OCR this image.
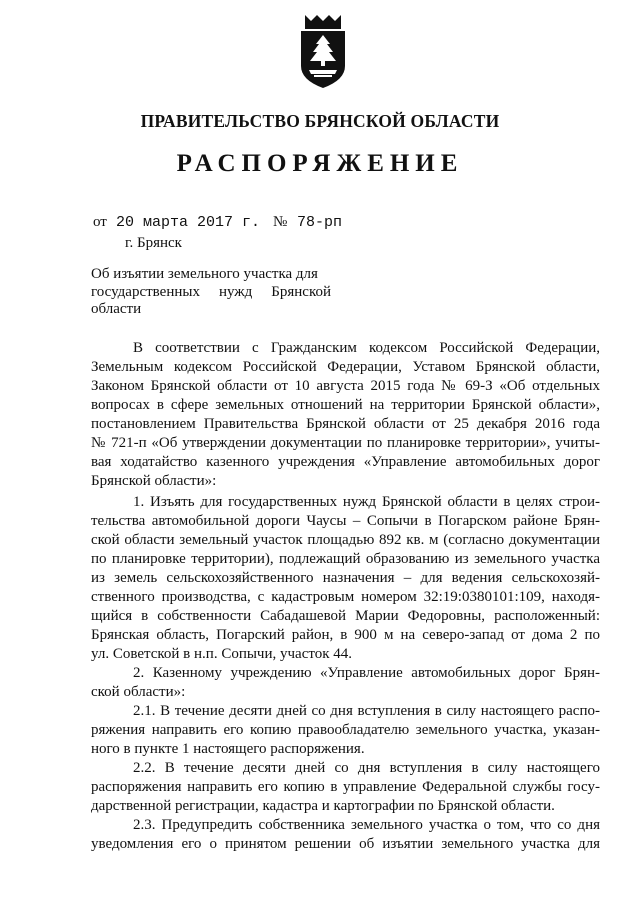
ПРАВИТЕЛЬСТВО БРЯНСКОЙ ОБЛАСТИ
РАСПОРЯЖЕНИЕ
от 20 марта 2017 г. № 78-рп
г. Брянск
Об изъятии земельного участка для
государственных нужд Брянской
области
В соответствии с Гражданским кодексом Российской Федерации,
Земельным кодексом Российской Федерации, Уставом Брянской области,
Законом Брянской области от 10 августа 2015 года № 69-З «Об отдельных
вопросах в сфере земельных отношений на территории Брянской области»,
постановлением Правительства Брянской области от 25 декабря 2016 года
№ 721-п «Об утверждении документации по планировке территории», учиты-
вая ходатайство казенного учреждения «Управление автомобильных дорог
Брянской области»:
1. Изъять для государственных нужд Брянской области в целях строи-
тельства автомобильной дороги Чаусы – Сопычи в Погарском районе Брян-
ской области земельный участок площадью 892 кв. м (согласно документации
по планировке территории), подлежащий образованию из земельного участка
из земель сельскохозяйственного назначения – для ведения сельскохозяй-
ственного производства, с кадастровым номером 32:19:0380101:109, находя-
щийся в собственности Сабадашевой Марии Федоровны, расположенный:
Брянская область, Погарский район, в 900 м на северо-запад от дома 2 по
ул. Советской в н.п. Сопычи, участок 44.
2. Казенному учреждению «Управление автомобильных дорог Брян-
ской области»:
2.1. В течение десяти дней со дня вступления в силу настоящего распо-
ряжения направить его копию правообладателю земельного участка, указан-
ного в пункте 1 настоящего распоряжения.
2.2. В течение десяти дней со дня вступления в силу настоящего
распоряжения направить его копию в управление Федеральной службы госу-
дарственной регистрации, кадастра и картографии по Брянской области.
2.3. Предупредить собственника земельного участка о том, что со дня
уведомления его о принятом решении об изъятии земельного участка для
